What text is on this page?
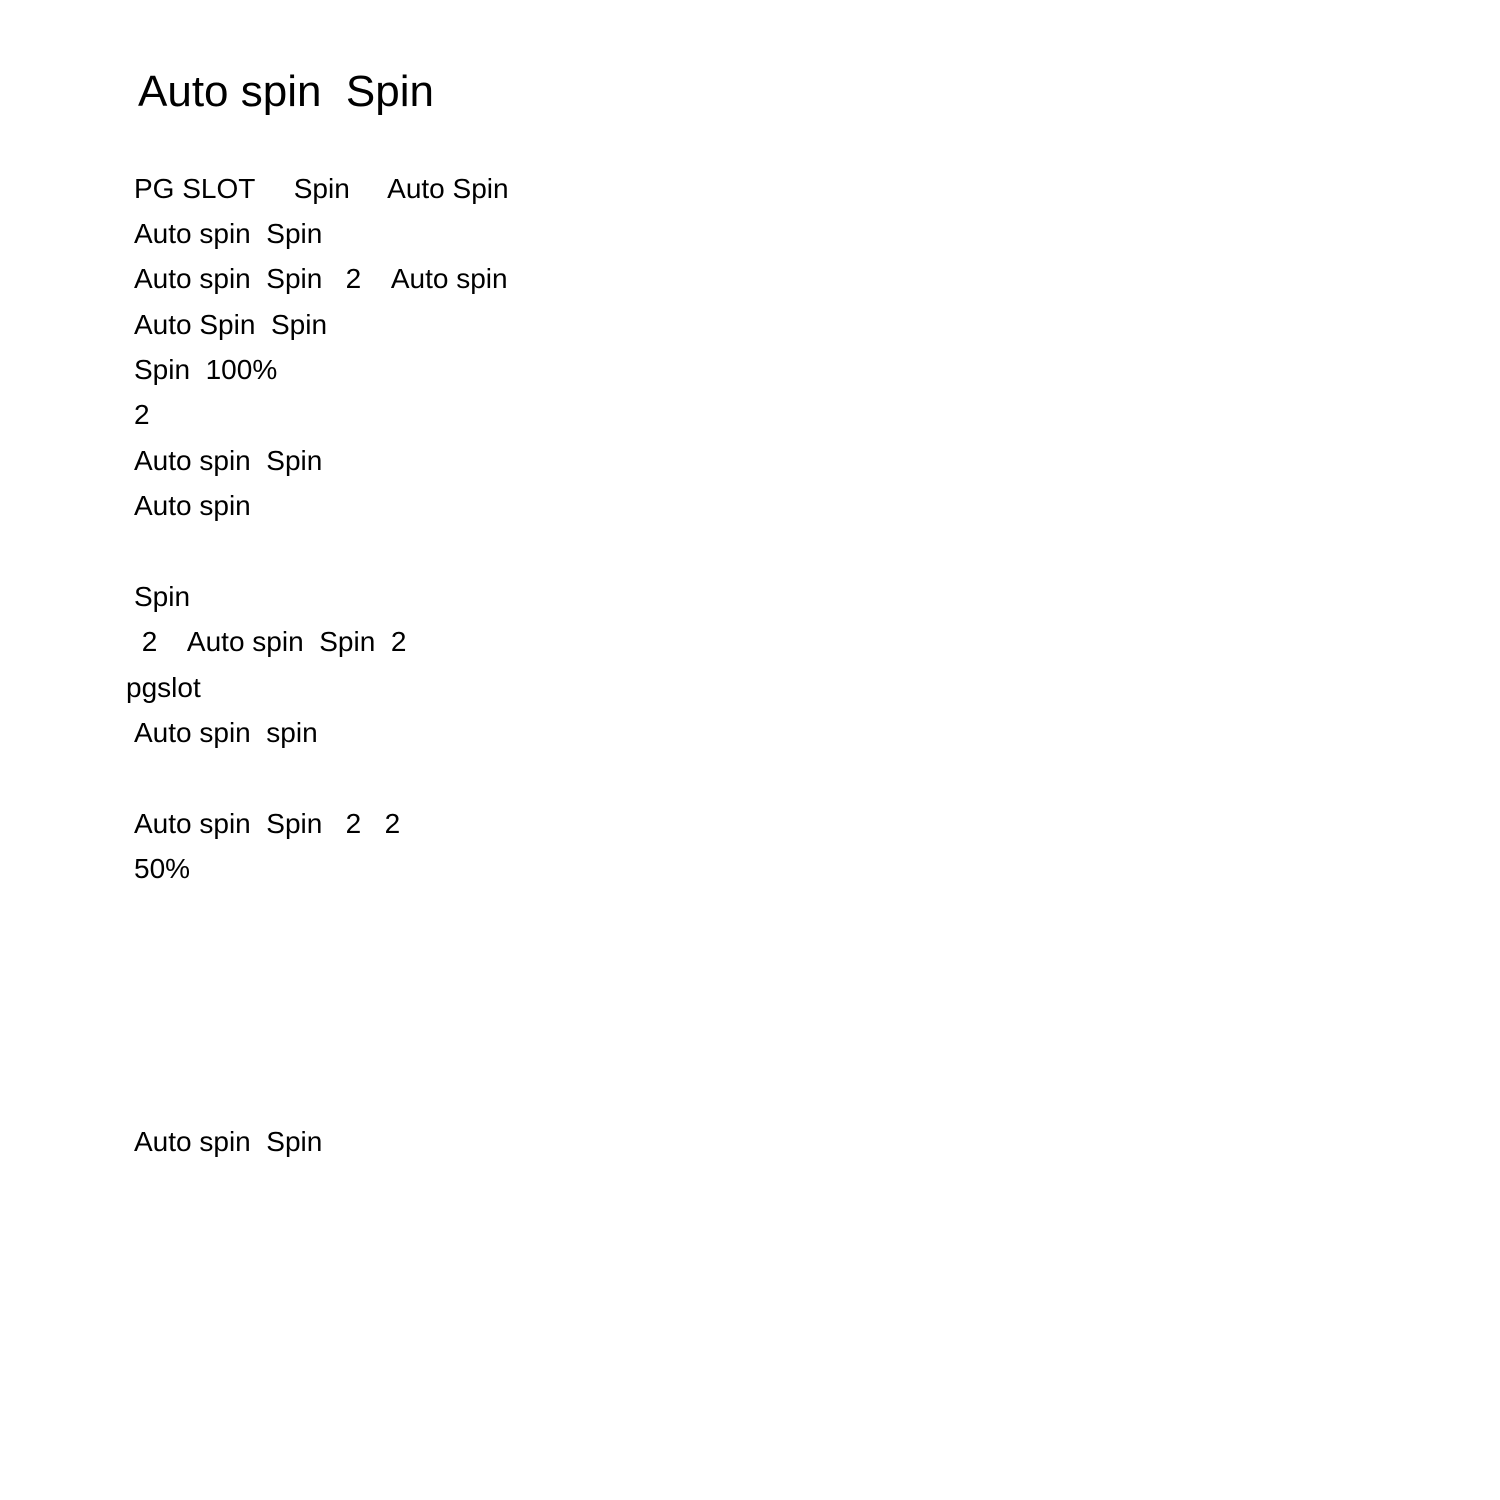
Auto spin  Spin

PG SLOT     Spin     Auto Spin

Auto spin  Spin

Auto spin  Spin   2    Auto spin

Auto Spin  Spin

Spin  100%

2

Auto spin  Spin

Auto spin

Spin

2    Auto spin  Spin  2

pgslot

Auto spin  spin

Auto spin  Spin   2   2

50%

Auto spin  Spin
